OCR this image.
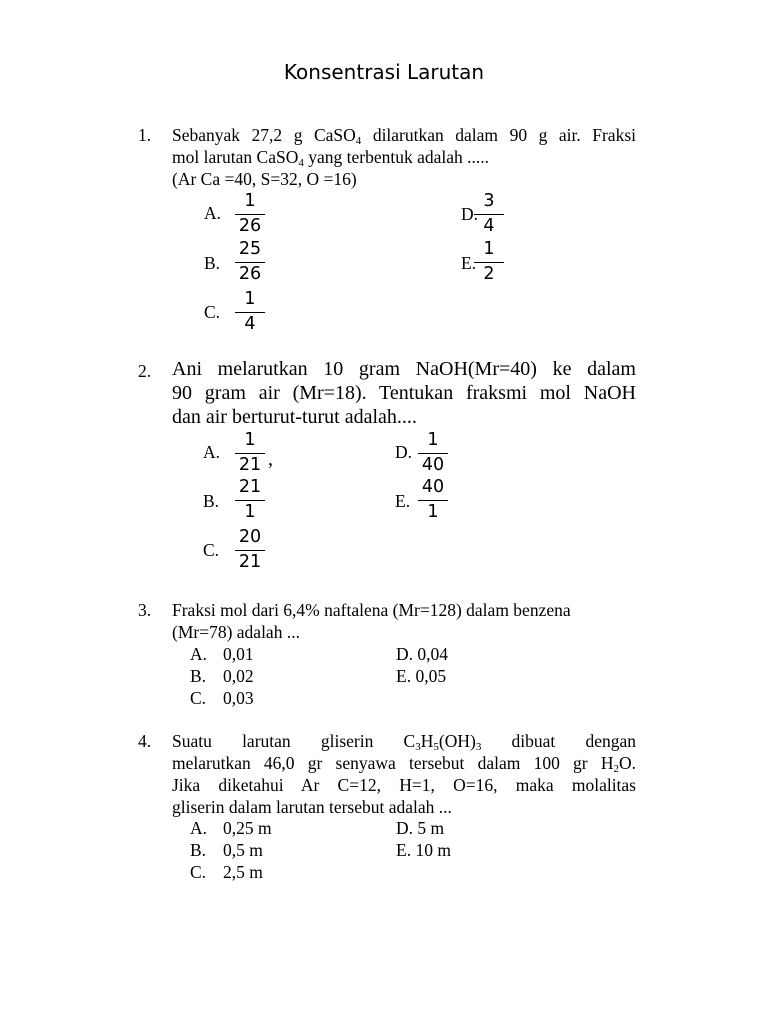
Konsentrasi Larutan
1. Sebanyak 27,2 g CaSO$_4$ dilarutkan dalam 90 g air. Fraksi
mol larutan CaSO$_4$ yang terbentuk adalah .....
(Ar Ca =40, S=32, O =16)
A.
1
26
B.
25
26
C.
1
4
D.
3
4
E.
1
2
2. Ani melarutkan 10 gram NaOH(Mr=40) ke dalam
90 gram air (Mr=18). Tentukan fraksmi mol NaOH
dan air berturut-turut adalah....
A.
1
21 ,
B.
21
1
C.
20
21
D.
1
40
E.
40
1
3. Fraksi mol dari 6,4% naftalena (Mr=128) dalam benzena
(Mr=78) adalah ...
A. 0,01
B. 0,02
C. 0,03
D. 0,04
E. 0,05
4. Suatu   larutan   gliserin   $C_3H_5(OH)_3$   dibuat   dengan
melarutkan 46,0 gr senyawa tersebut dalam 100 gr $H_2O$.
Jika diketahui Ar C=12, H=1, O=16, maka molalitas
gliserin dalam larutan tersebut adalah ...
A. 0,25 m
B. 0,5 m
C. 2,5 m
D. 5 m
E. 10 m
